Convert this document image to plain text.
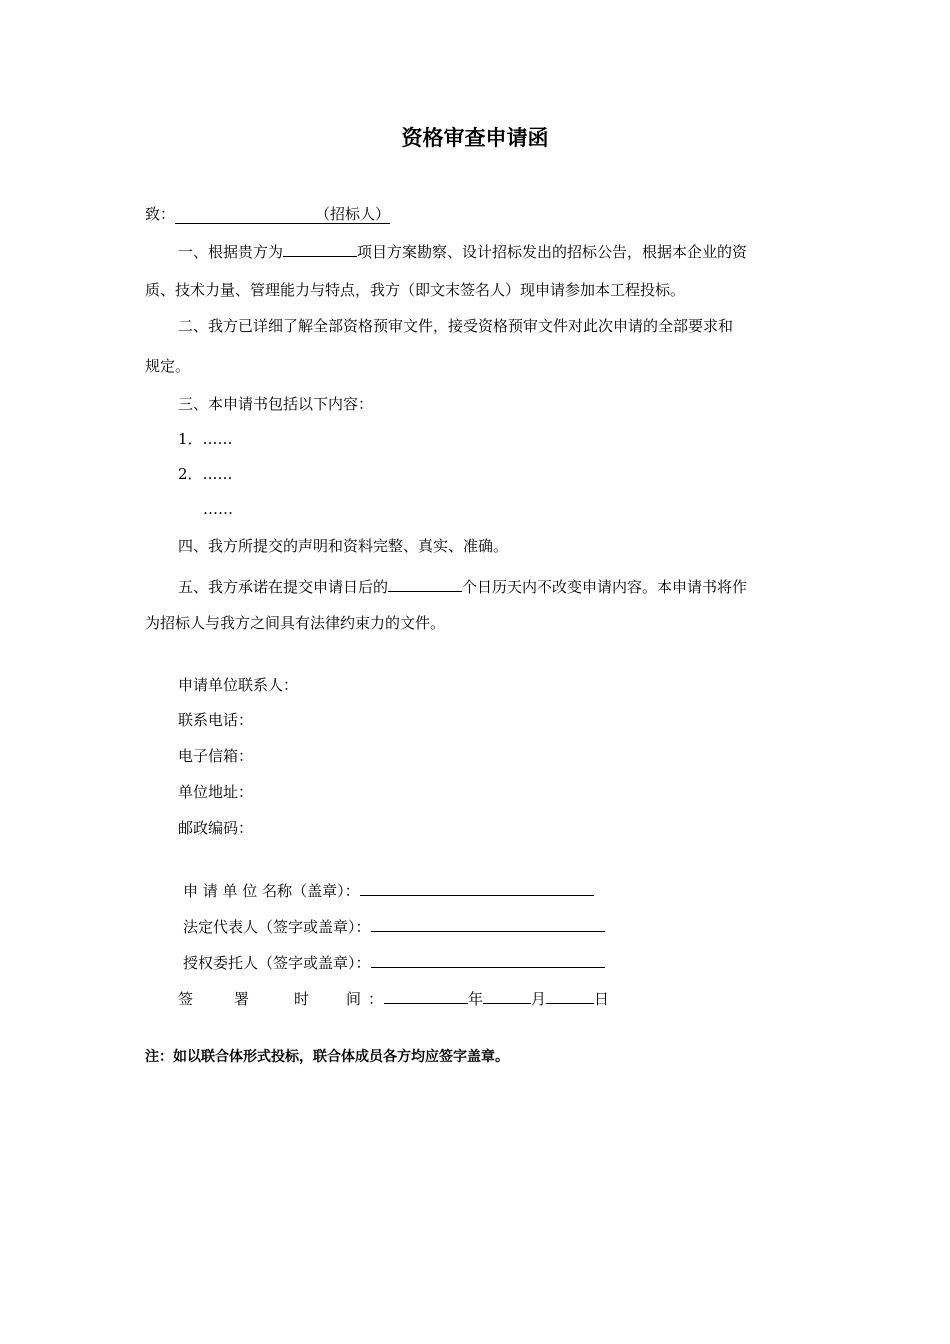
资格审查申请函
致：	（招标人）
一、根据贵方为	项目方案勘察、设计招标发出的招标公告，根据本企业的资
质、技术力量、管理能力与特点，我方（即文末签名人）现申请参加本工程投标。
二、我方已详细了解全部资格预审文件，接受资格预审文件对此次申请的全部要求和
规定。
三、本申请书包括以下内容：
1．……
2．……
……
四、我方所提交的声明和资料完整、真实、准确。
五、我方承诺在提交申请日后的	个日历天内不改变申请内容。本申请书将作
为招标人与我方之间具有法律约束力的文件。
申请单位联系人：
联系电话：
电子信箱：
单位地址：
邮政编码：
申 请 单 位 名称（盖章）：
法定代表人（签字或盖章）：
授权委托人（签字或盖章）：
签	署	时 间 ：	年	月	日
注：如以联合体形式投标，联合体成员各方均应签字盖章。
